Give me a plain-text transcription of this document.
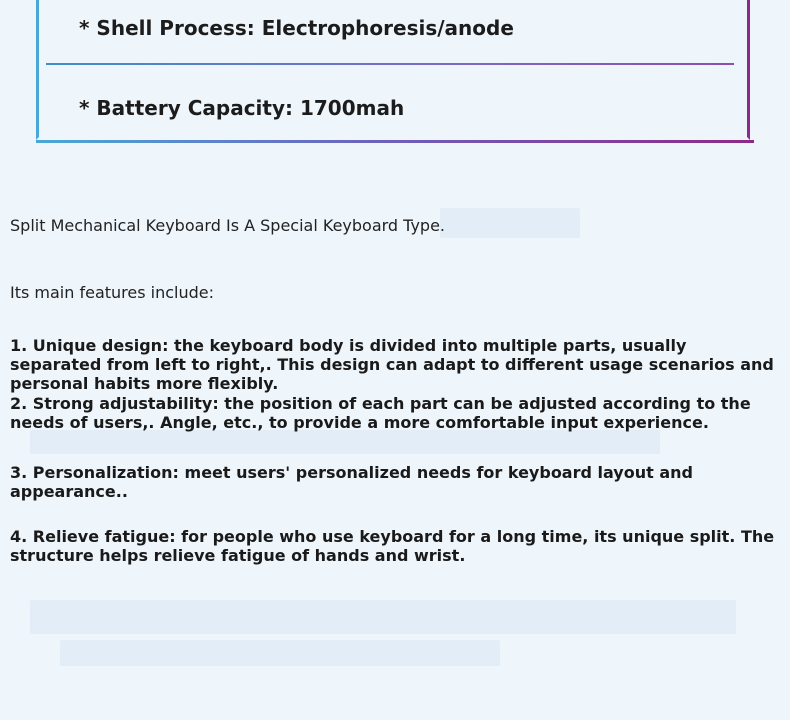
* Shell Process: Electrophoresis/anode
* Battery Capacity: 1700mah

Split Mechanical Keyboard Is A Special Keyboard Type.

Its main features include:

1. Unique design: the keyboard body is divided into multiple parts, usually separated from left to right,. This design can adapt to different usage scenarios and personal habits more flexibly.

2. Strong adjustability: the position of each part can be adjusted according to the needs of users,. Angle, etc., to provide a more comfortable input experience.

3. Personalization: meet users' personalized needs for keyboard layout and appearance..

4. Relieve fatigue: for people who use keyboard for a long time, its unique split. The structure helps relieve fatigue of hands and wrist.
